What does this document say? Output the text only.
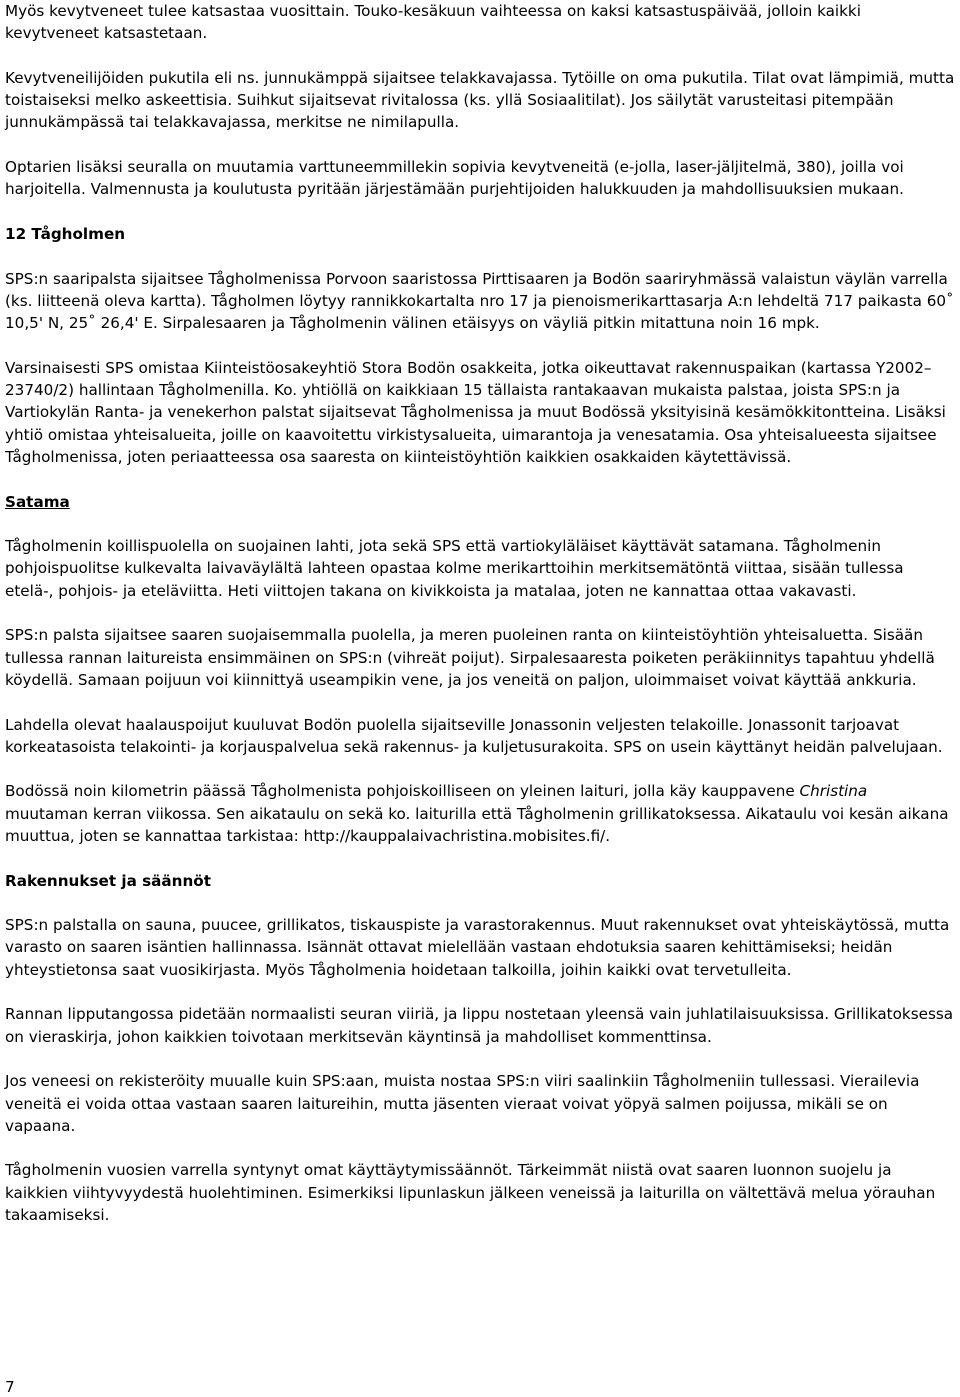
Myös kevytveneet tulee katsastaa vuosittain. Touko-kesäkuun vaihteessa on kaksi katsastuspäivää, jolloin kaikki kevytveneet katsastetaan.

Kevytveneilijöiden pukutila eli ns. junnukämppä sijaitsee telakkavajassa. Tytöille on oma pukutila. Tilat ovat lämpimiä, mutta toistaiseksi melko askeettisia. Suihkut sijaitsevat rivitalossa (ks. yllä Sosiaalitilat). Jos säilytät varusteitasi pitempään junnukämpässä tai telakkavajassa, merkitse ne nimilapulla.

Optarien lisäksi seuralla on muutamia varttuneemmillekin sopivia kevytveneitä (e-jolla, laser-jäljitelmä, 380), joilla voi harjoitella. Valmennusta ja koulutusta pyritään järjestämään purjehtijoiden halukkuuden ja mahdollisuuksien mukaan.

12 Tågholmen

SPS:n saaripalsta sijaitsee Tågholmenissa Porvoon saaristossa Pirttisaaren ja Bodön saariryhmässä valaistun väylän varrella (ks. liitteenä oleva kartta). Tågholmen löytyy rannikkokartalta nro 17 ja pienoismerikarttasarja A:n lehdeltä 717 paikasta 60˚ 10,5' N, 25˚ 26,4' E. Sirpalesaaren ja Tågholmenin välinen etäisyys on väyliä pitkin mitattuna noin 16 mpk.

Varsinaisesti SPS omistaa Kiinteistöosakeyhtiö Stora Bodön osakkeita, jotka oikeuttavat rakennuspaikan (kartassa Y2002–23740/2) hallintaan Tågholmenilla. Ko. yhtiöllä on kaikkiaan 15 tällaista rantakaavan mukaista palstaa, joista SPS:n ja Vartiokylän Ranta- ja venekerhon palstat sijaitsevat Tågholmenissa ja muut Bodössä yksityisinä kesämökkitontteina. Lisäksi yhtiö omistaa yhteisalueita, joille on kaavoitettu virkistysalueita, uimarantoja ja venesatamia. Osa yhteisalueesta sijaitsee Tågholmenissa, joten periaatteessa osa saaresta on kiinteistöyhtiön kaikkien osakkaiden käytettävissä.

Satama

Tågholmenin koillispuolella on suojainen lahti, jota sekä SPS että vartiokyläläiset käyttävät satamana. Tågholmenin pohjoispuolitse kulkevalta laivaväylältä lahteen opastaa kolme merikarttoihin merkitsemätöntä viittaa, sisään tullessa etelä-, pohjois- ja eteläviitta. Heti viittojen takana on kivikkoista ja matalaa, joten ne kannattaa ottaa vakavasti.

SPS:n palsta sijaitsee saaren suojaisemmalla puolella, ja meren puoleinen ranta on kiinteistöyhtiön yhteisaluetta. Sisään tullessa rannan laitureista ensimmäinen on SPS:n (vihreät poijut). Sirpalesaaresta poiketen peräkiinnitys tapahtuu yhdellä köydellä. Samaan poijuun voi kiinnittyä useampikin vene, ja jos veneitä on paljon, uloimmaiset voivat käyttää ankkuria.

Lahdella olevat haalauspoijut kuuluvat Bodön puolella sijaitseville Jonassonin veljesten telakoille. Jonassonit tarjoavat korkeatasoista telakointi- ja korjauspalvelua sekä rakennus- ja kuljetusurakoita. SPS on usein käyttänyt heidän palvelujaan.

Bodössä noin kilometrin päässä Tågholmenista pohjoiskoilliseen on yleinen laituri, jolla käy kauppavene Christina muutaman kerran viikossa. Sen aikataulu on sekä ko. laiturilla että Tågholmenin grillikatoksessa. Aikataulu voi kesän aikana muuttua, joten se kannattaa tarkistaa: http://kauppalaivachristina.mobisites.fi/.

Rakennukset ja säännöt

SPS:n palstalla on sauna, puucee, grillikatos, tiskauspiste ja varastorakennus. Muut rakennukset ovat yhteiskäytössä, mutta varasto on saaren isäntien hallinnassa. Isännät ottavat mielellään vastaan ehdotuksia saaren kehittämiseksi; heidän yhteystietonsa saat vuosikirjasta. Myös Tågholmenia hoidetaan talkoilla, joihin kaikki ovat tervetulleita.

Rannan lipputangossa pidetään normaalisti seuran viiriä, ja lippu nostetaan yleensä vain juhlatilaisuuksissa. Grillikatoksessa on vieraskirja, johon kaikkien toivotaan merkitsevän käyntinsä ja mahdolliset kommenttinsa.

Jos veneesi on rekisteröity muualle kuin SPS:aan, muista nostaa SPS:n viiri saalinkiin Tågholmeniin tullessasi. Vierailevia veneitä ei voida ottaa vastaan saaren laitureihin, mutta jäsenten vieraat voivat yöpyä salmen poijussa, mikäli se on vapaana.

Tågholmenin vuosien varrella syntynyt omat käyttäytymissäännöt. Tärkeimmät niistä ovat saaren luonnon suojelu ja kaikkien viihtyvyydestä huolehtiminen. Esimerkiksi lipunlaskun jälkeen veneissä ja laiturilla on vältettävä melua yörauhan takaamiseksi.

7
